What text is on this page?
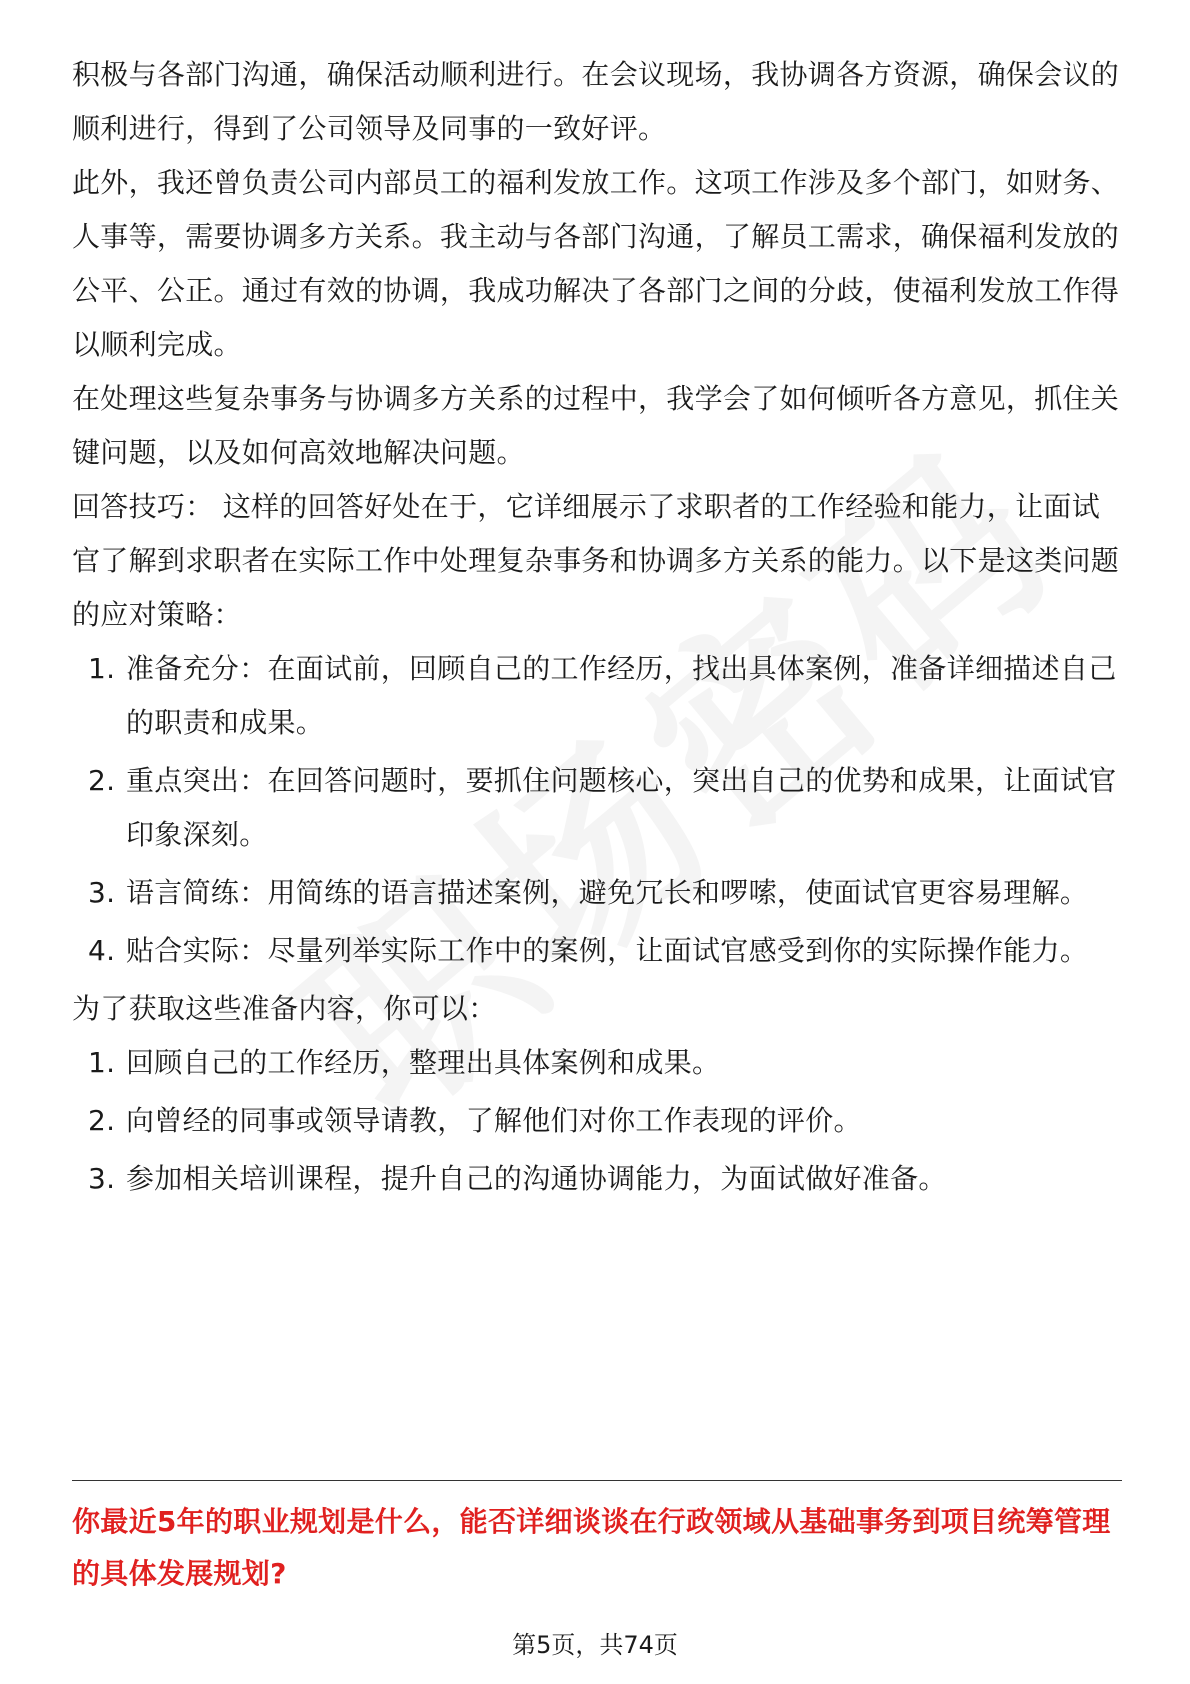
积极与各部门沟通，确保活动顺利进行。在会议现场，我协调各方资源，确保会议的顺利进行，得到了公司领导及同事的一致好评。

此外，我还曾负责公司内部员工的福利发放工作。这项工作涉及多个部门，如财务、人事等，需要协调多方关系。我主动与各部门沟通，了解员工需求，确保福利发放的公平、公正。通过有效的协调，我成功解决了各部门之间的分歧，使福利发放工作得以顺利完成。

在处理这些复杂事务与协调多方关系的过程中，我学会了如何倾听各方意见，抓住关键问题，以及如何高效地解决问题。

回答技巧： 这样的回答好处在于，它详细展示了求职者的工作经验和能力，让面试官了解到求职者在实际工作中处理复杂事务和协调多方关系的能力。以下是这类问题的应对策略：

1. 准备充分：在面试前，回顾自己的工作经历，找出具体案例，准备详细描述自己的职责和成果。
2. 重点突出：在回答问题时，要抓住问题核心，突出自己的优势和成果，让面试官印象深刻。
3. 语言简练：用简练的语言描述案例，避免冗长和啰嗦，使面试官更容易理解。
4. 贴合实际：尽量列举实际工作中的案例，让面试官感受到你的实际操作能力。

为了获取这些准备内容，你可以：

1. 回顾自己的工作经历，整理出具体案例和成果。
2. 向曾经的同事或领导请教，了解他们对你工作表现的评价。
3. 参加相关培训课程，提升自己的沟通协调能力，为面试做好准备。

你最近5年的职业规划是什么，能否详细谈谈在行政领域从基础事务到项目统筹管理的具体发展规划?

第5页，共74页
